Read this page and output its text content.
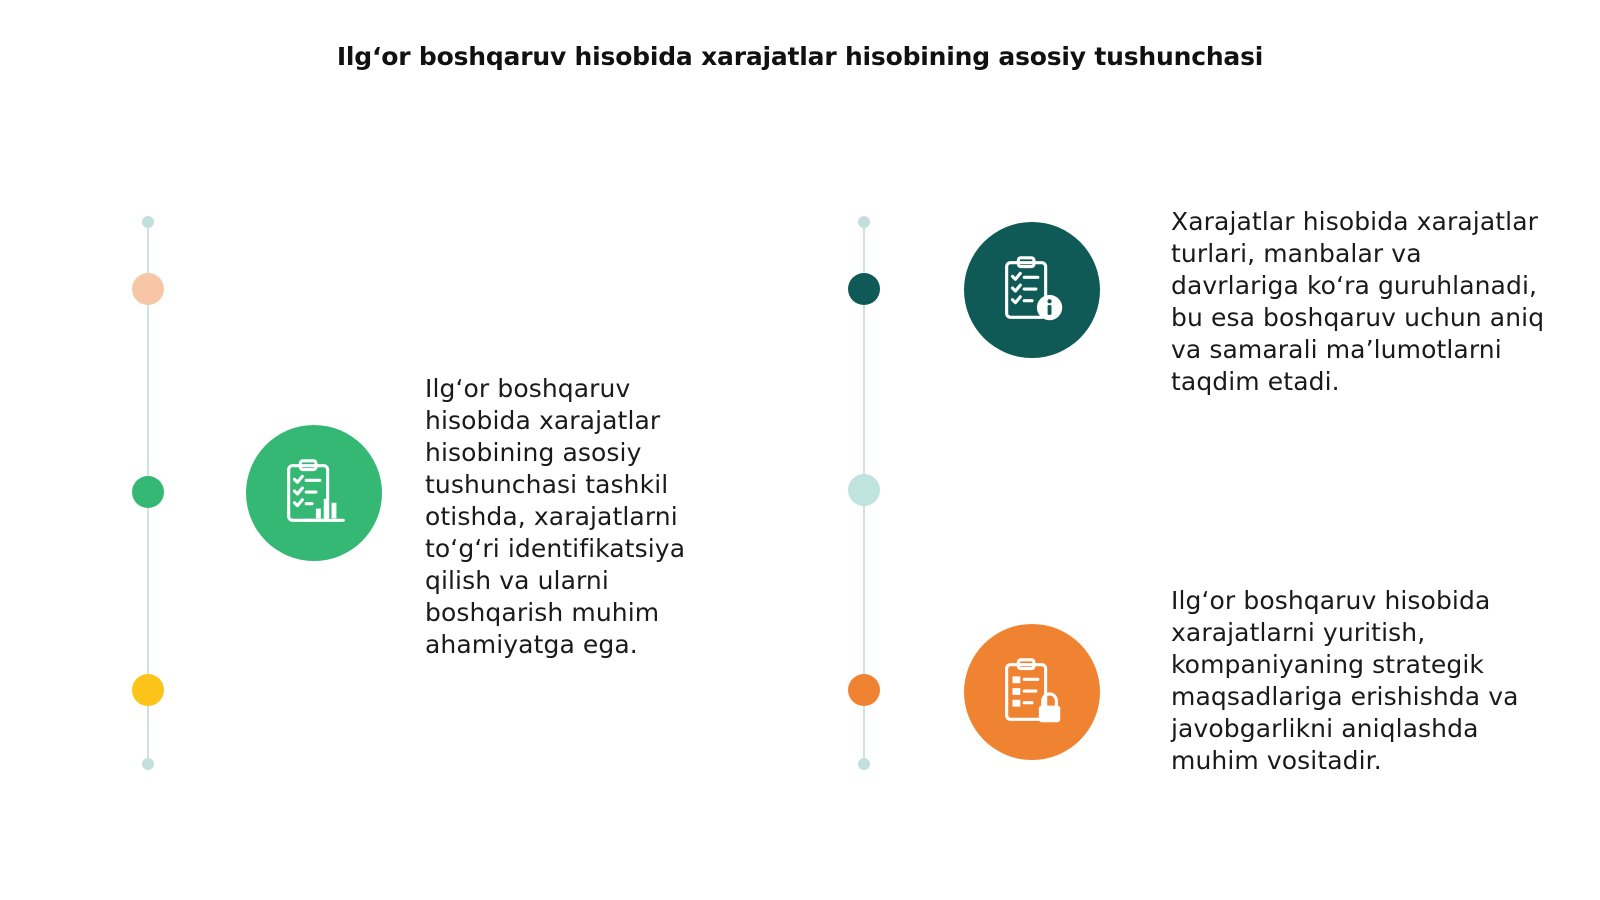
Ilg‘or boshqaruv hisobida xarajatlar hisobining asosiy tushunchasi
Ilg‘or boshqaruv hisobida xarajatlar hisobining asosiy tushunchasi tashkil otishda, xarajatlarni to‘g‘ri identifikatsiya qilish va ularni boshqarish muhim ahamiyatga ega.
Xarajatlar hisobida xarajatlar turlari, manbalar va davrlariga ko‘ra guruhlanadi, bu esa boshqaruv uchun aniq va samarali ma’lumotlarni taqdim etadi.
Ilg‘or boshqaruv hisobida xarajatlarni yuritish, kompaniyaning strategik maqsadlariga erishishda va javobgarlikni aniqlashda muhim vositadir.
